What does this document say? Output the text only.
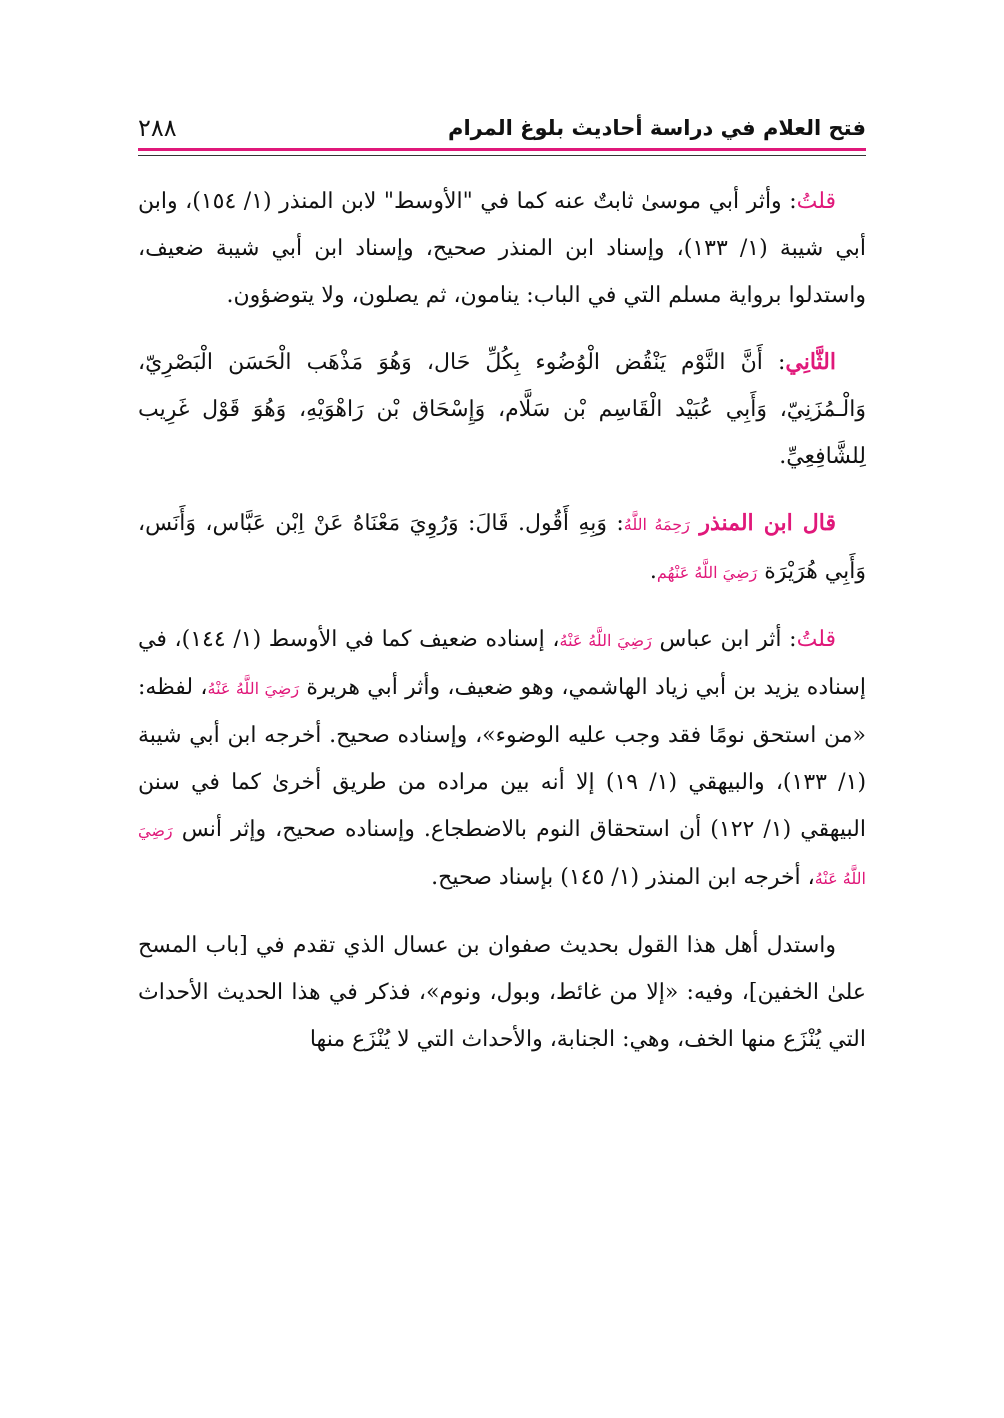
فتح العلام في دراسة أحاديث بلوغ المرام
٢٨٨

قلتُ: وأثر أبي موسىٰ ثابتٌ عنه كما في "الأوسط" لابن المنذر (١/ ١٥٤)، وابن أبي شيبة (١/ ١٣٣)، وإسناد ابن المنذر صحيح، وإسناد ابن أبي شيبة ضعيف، واستدلوا برواية مسلم التي في الباب: ينامون، ثم يصلون، ولا يتوضؤون.

الثَّانِي: أَنَّ النَّوْم يَنْقُض الْوُضُوء بِكُلِّ حَال، وَهُوَ مَذْهَب الْحَسَن الْبَصْرِيّ، وَالْـمُزَنِيّ، وَأَبِي عُبَيْد الْقَاسِم بْن سَلَّام، وَإِسْحَاق بْن رَاهْوَيْهِ، وَهُوَ قَوْل غَرِيب لِلشَّافِعِيِّ.

قال ابن المنذر رَحِمَهُ اللَّهُ: وَبِهِ أَقُول. قَالَ: وَرُوِيَ مَعْنَاهُ عَنْ اِبْن عَبَّاس، وَأَنَس، وَأَبِي هُرَيْرَة رَضِيَ اللَّهُ عَنْهُم.

قلتُ: أثر ابن عباس رَضِيَ اللَّهُ عَنْهُ، إسناده ضعيف كما في الأوسط (١/ ١٤٤)، في إسناده يزيد بن أبي زياد الهاشمي، وهو ضعيف، وأثر أبي هريرة رَضِيَ اللَّهُ عَنْهُ، لفظه: «من استحق نومًا فقد وجب عليه الوضوء»، وإسناده صحيح. أخرجه ابن أبي شيبة (١/ ١٣٣)، والبيهقي (١/ ١٩) إلا أنه بين مراده من طريق أخرىٰ كما في سنن البيهقي (١/ ١٢٢) أن استحقاق النوم بالاضطجاع. وإسناده صحيح، وإثر أنس رَضِيَ اللَّهُ عَنْهُ، أخرجه ابن المنذر (١/ ١٤٥) بإسناد صحيح.

واستدل أهل هذا القول بحديث صفوان بن عسال الذي تقدم في [باب المسح علىٰ الخفين]، وفيه: «إلا من غائط، وبول، ونوم»، فذكر في هذا الحديث الأحداث التي يُنْزَع منها الخف، وهي: الجنابة، والأحداث التي لا يُنْزَع منها
